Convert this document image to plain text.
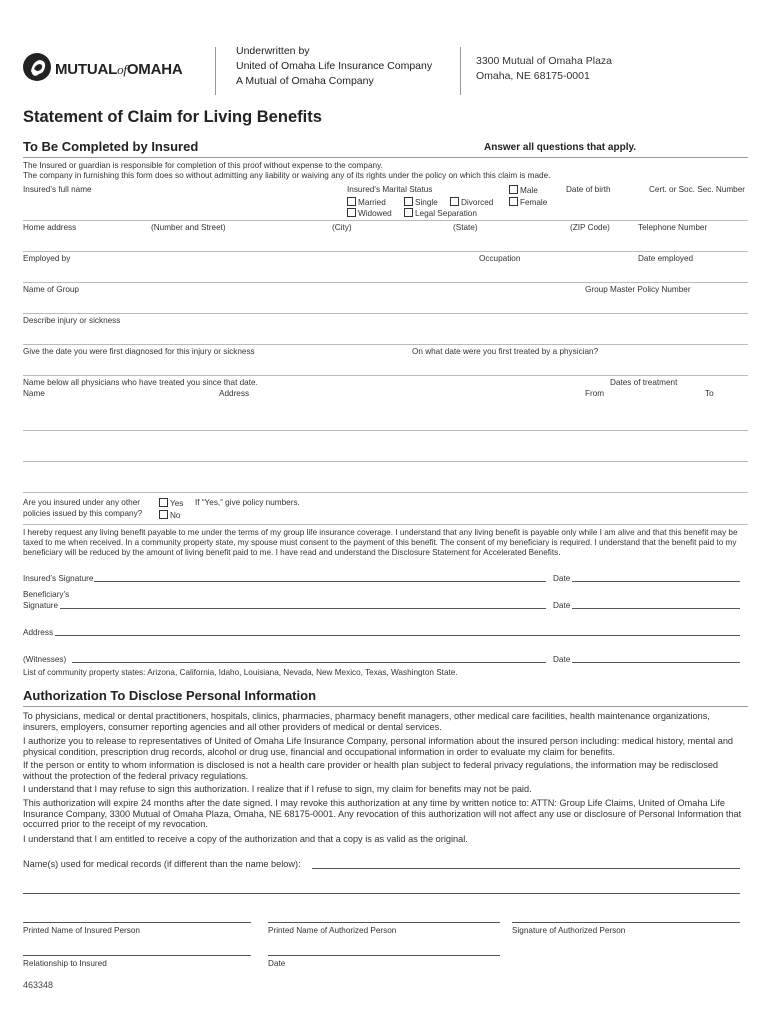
MUTUALofOMAHA
Underwritten by
United of Omaha Life Insurance Company
A Mutual of Omaha Company
3300 Mutual of Omaha Plaza
Omaha, NE 68175-0001
Statement of Claim for Living Benefits
To Be Completed by Insured	Answer all questions that apply.
The Insured or guardian is responsible for completion of this proof without expense to the company.
The company in furnishing this form does so without admitting any liability or waiving any of its rights under the policy on which this claim is made.
Insured’s full name	Insured’s Marital Status
Married	Single	Divorced
Widowed	Legal Separation
Male
Female
Date of birth	Cert. or Soc. Sec. Number
Home address	(Number and Street)	(City)	(State)	(ZIP Code)	Telephone Number
Employed by	Occupation	Date employed
Name of Group	Group Master Policy Number
Describe injury or sickness
Give the date you were first diagnosed for this injury or sickness	On what date were you first treated by a physician?
Name below all physicians who have treated you since that date.	Dates of treatment
Name	Address	From	To
Are you insured under any other
policies issued by this company?
Yes
No
If “Yes,” give policy numbers.
I hereby request any living benefit payable to me under the terms of my group life insurance coverage. I understand that any living benefit is payable only while I am alive and that this benefit may be taxed to me when received. In a community property state, my spouse must consent to the payment of this benefit. The consent of my beneficiary is required. I understand that the benefit paid to my beneficiary will be reduced by the amount of living benefit paid to me. I have read and understand the Disclosure Statement for Accelerated Benefits.
Insured’s Signature	Date
Beneficiary’s
Signature	Date
Address
(Witnesses)	Date
List of community property states: Arizona, California, Idaho, Louisiana, Nevada, New Mexico, Texas, Washington State.
Authorization To Disclose Personal Information
To physicians, medical or dental practitioners, hospitals, clinics, pharmacies, pharmacy benefit managers, other medical care facilities, health maintenance organizations, insurers, employers, consumer reporting agencies and all other providers of medical or dental services.
I authorize you to release to representatives of United of Omaha Life Insurance Company, personal information about the insured person including: medical history, mental and physical condition, prescription drug records, alcohol or drug use, financial and occupational information in order to evaluate my claim for benefits.
If the person or entity to whom information is disclosed is not a health care provider or health plan subject to federal privacy regulations, the information may be redisclosed without the protection of the federal privacy regulations.
I understand that I may refuse to sign this authorization. I realize that if I refuse to sign, my claim for benefits may not be paid.
This authorization will expire 24 months after the date signed. I may revoke this authorization at any time by written notice to: ATTN: Group Life Claims, United of Omaha Life Insurance Company, 3300 Mutual of Omaha Plaza, Omaha, NE 68175-0001. Any revocation of this authorization will not affect any use or disclosure of Personal Information that occurred prior to the receipt of my revocation.
I understand that I am entitled to receive a copy of the authorization and that a copy is as valid as the original.
Name(s) used for medical records (if different than the name below):
Printed Name of Insured Person	Printed Name of Authorized Person	Signature of Authorized Person
Relationship to Insured	Date
463348
